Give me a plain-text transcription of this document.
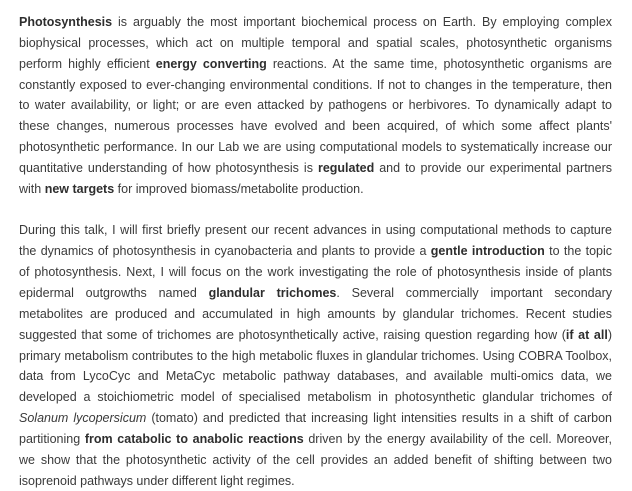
Photosynthesis is arguably the most important biochemical process on Earth. By employing complex biophysical processes, which act on multiple temporal and spatial scales, photosynthetic organisms perform highly efficient energy converting reactions. At the same time, photosynthetic organisms are constantly exposed to ever-changing environmental conditions. If not to changes in the temperature, then to water availability, or light; or are even attacked by pathogens or herbivores. To dynamically adapt to these changes, numerous processes have evolved and been acquired, of which some affect plants' photosynthetic performance. In our Lab we are using computational models to systematically increase our quantitative understanding of how photosynthesis is regulated and to provide our experimental partners with new targets for improved biomass/metabolite production.

During this talk, I will first briefly present our recent advances in using computational methods to capture the dynamics of photosynthesis in cyanobacteria and plants to provide a gentle introduction to the topic of photosynthesis. Next, I will focus on the work investigating the role of photosynthesis inside of plants epidermal outgrowths named glandular trichomes. Several commercially important secondary metabolites are produced and accumulated in high amounts by glandular trichomes. Recent studies suggested that some of trichomes are photosynthetically active, raising question regarding how (if at all) primary metabolism contributes to the high metabolic fluxes in glandular trichomes. Using COBRA Toolbox, data from LycoCyc and MetaCyc metabolic pathway databases, and available multi-omics data, we developed a stoichiometric model of specialised metabolism in photosynthetic glandular trichomes of Solanum lycopersicum (tomato) and predicted that increasing light intensities results in a shift of carbon partitioning from catabolic to anabolic reactions driven by the energy availability of the cell. Moreover, we show that the photosynthetic activity of the cell provides an added benefit of shifting between two isoprenoid pathways under different light regimes.
